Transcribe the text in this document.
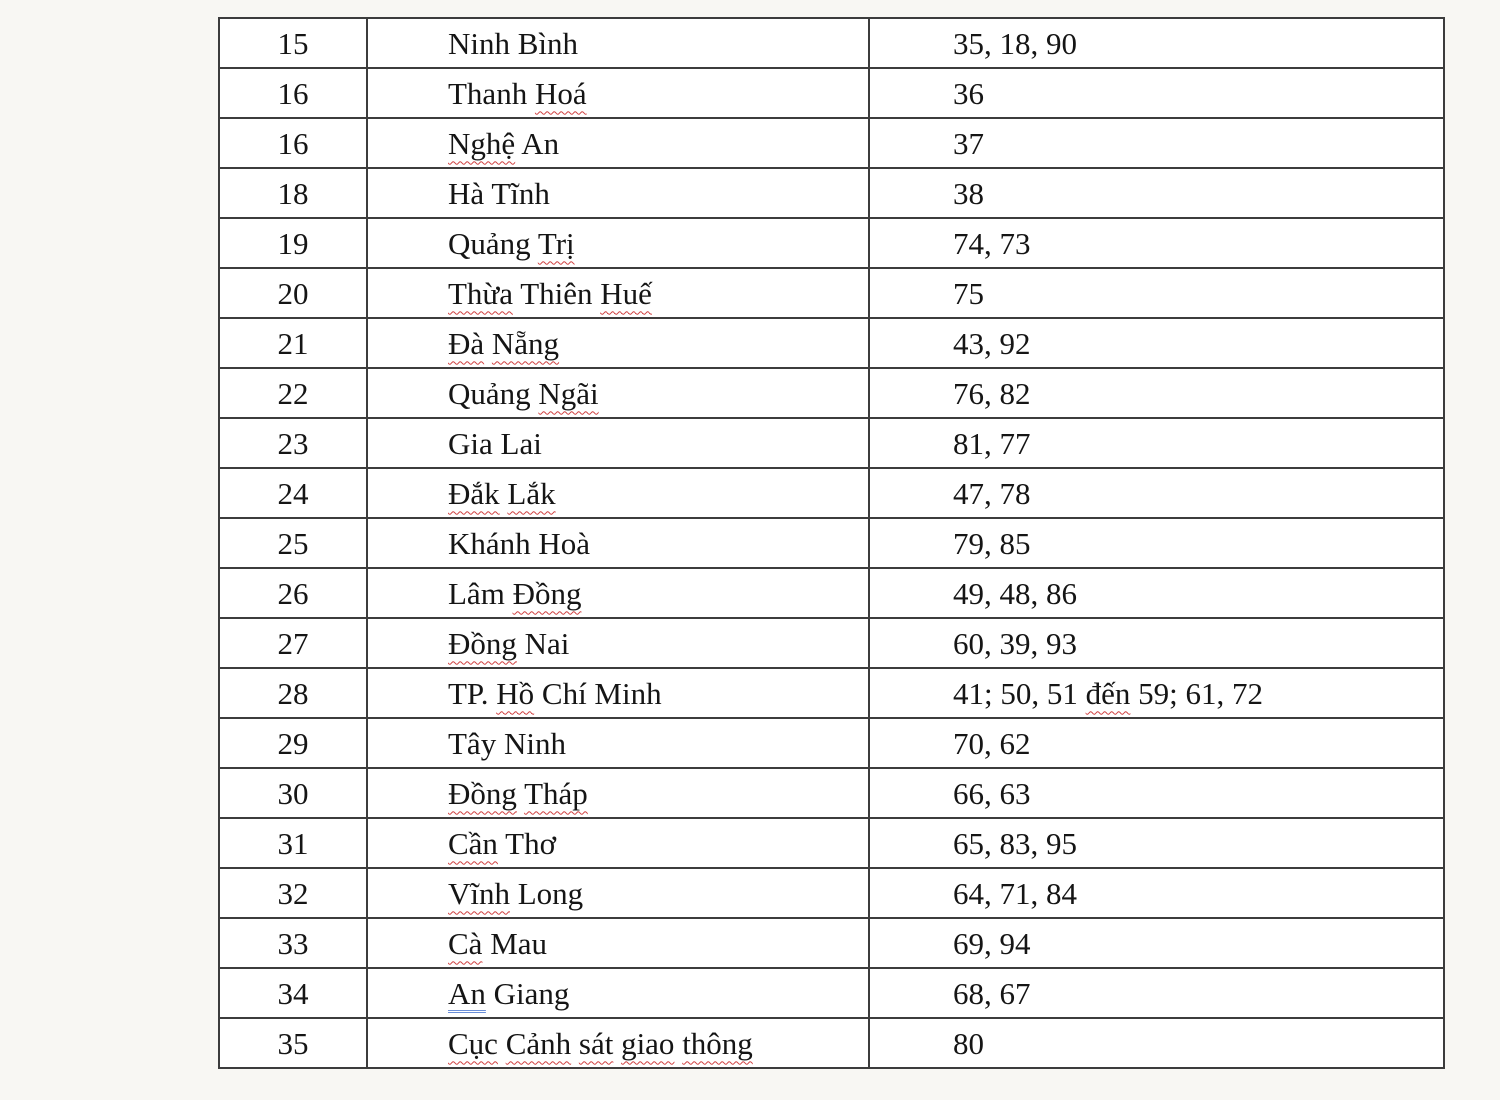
15	Ninh Bình	35, 18, 90
16	Thanh Hoá	36
16	Nghệ An	37
18	Hà Tĩnh	38
19	Quảng Trị	74, 73
20	Thừa Thiên Huế	75
21	Đà Nẵng	43, 92
22	Quảng Ngãi	76, 82
23	Gia Lai	81, 77
24	Đắk Lắk	47, 78
25	Khánh Hoà	79, 85
26	Lâm Đồng	49, 48, 86
27	Đồng Nai	60, 39, 93
28	TP. Hồ Chí Minh	41; 50, 51 đến 59; 61, 72
29	Tây Ninh	70, 62
30	Đồng Tháp	66, 63
31	Cần Thơ	65, 83, 95
32	Vĩnh Long	64, 71, 84
33	Cà Mau	69, 94
34	An Giang	68, 67
35	Cục Cảnh sát giao thông	80
